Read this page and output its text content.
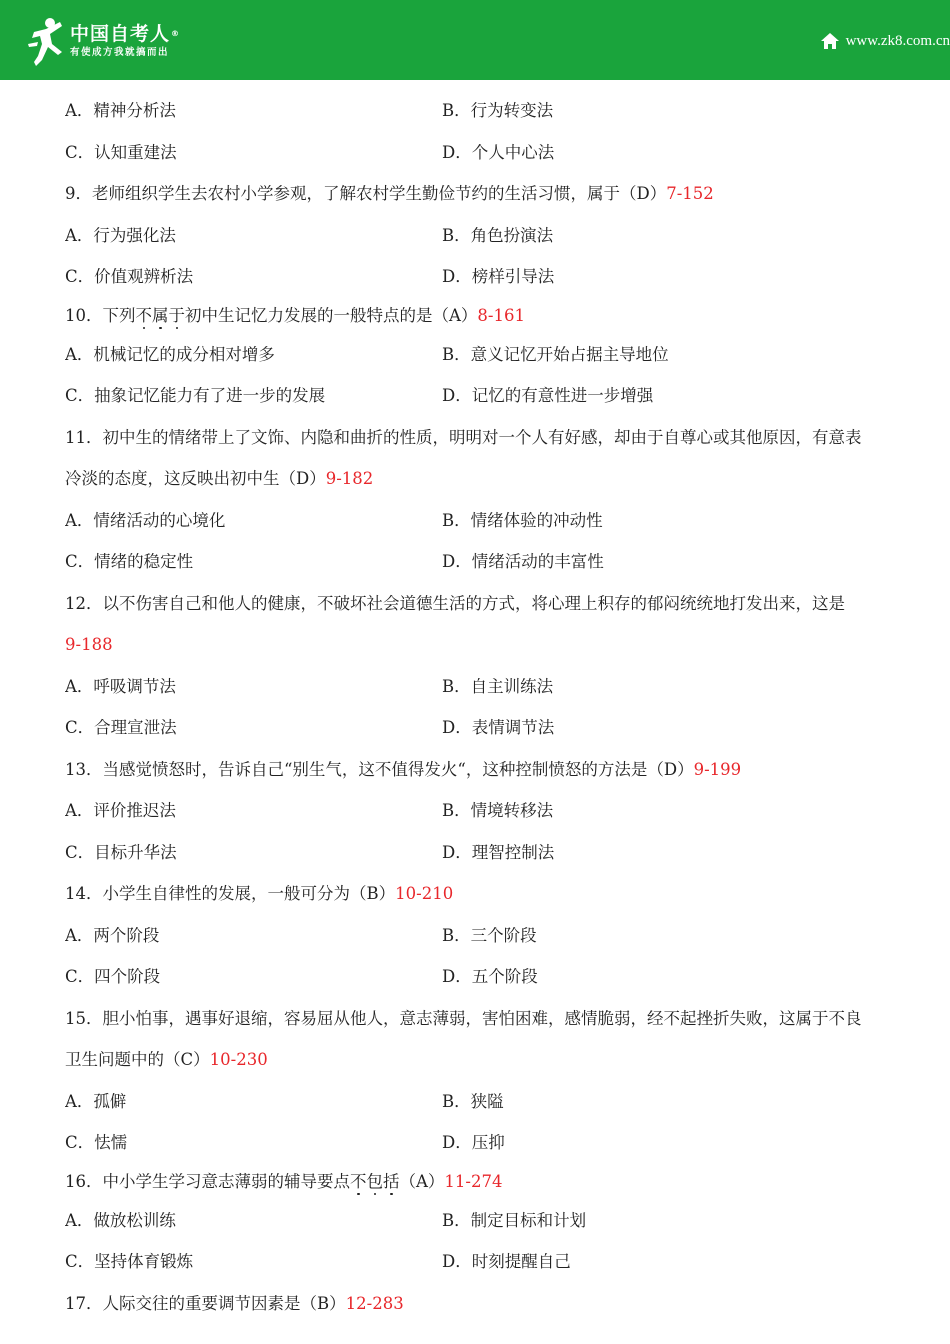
中国自考人®
有使成方我就搞而出
www.zk8.com.cn
A．精神分析法	B．行为转变法
C．认知重建法	D．个人中心法
9．老师组织学生去农村小学参观，了解农村学生勤俭节约的生活习惯，属于（D）7-152
A．行为强化法	B．角色扮演法
C．价值观辨析法	D．榜样引导法
10．下列不属于
初中生记忆力发展的一般特点的是（A）8-161
A．机械记忆的成分相对增多	B．意义记忆开始占据主导地位
C．抽象记忆能力有了进一步的发展	D．记忆的有意性进一步增强
11．初中生的情绪带上了文饰、内隐和曲折的性质，明明对一个人有好感，却由于自尊心或其他原因，有意表
冷淡的态度，这反映出初中生（D）9-182
A．情绪活动的心境化	B．情绪体验的冲动性
C．情绪的稳定性	D．情绪活动的丰富性
12．以不伤害自己和他人的健康，不破坏社会道德生活的方式，将心理上积存的郁闷统统地打发出来，这是
9-188
A．呼吸调节法	B．自主训练法
C．合理宣泄法	D．表情调节法
13．当感觉愤怒时，告诉自己“别生气，这不值得发火“，这种控制愤怒的方法是（D）9-199
A．评价推迟法	B．情境转移法
C．目标升华法	D．理智控制法
14．小学生自律性的发展，一般可分为（B）10-210
A．两个阶段	B．三个阶段
C．四个阶段	D．五个阶段
15．胆小怕事，遇事好退缩，容易屈从他人，意志薄弱，害怕困难，感情脆弱，经不起挫折失败，这属于不良
卫生问题中的（C）10-230
A．孤僻	B．狭隘
C．怯懦	D．压抑
16．中小学生学习意志薄弱的辅导要点不包括
（A）11-274
A．做放松训练	B．制定目标和计划
C．坚持体育锻炼	D．时刻提醒自己
17．人际交往的重要调节因素是（B）12-283
